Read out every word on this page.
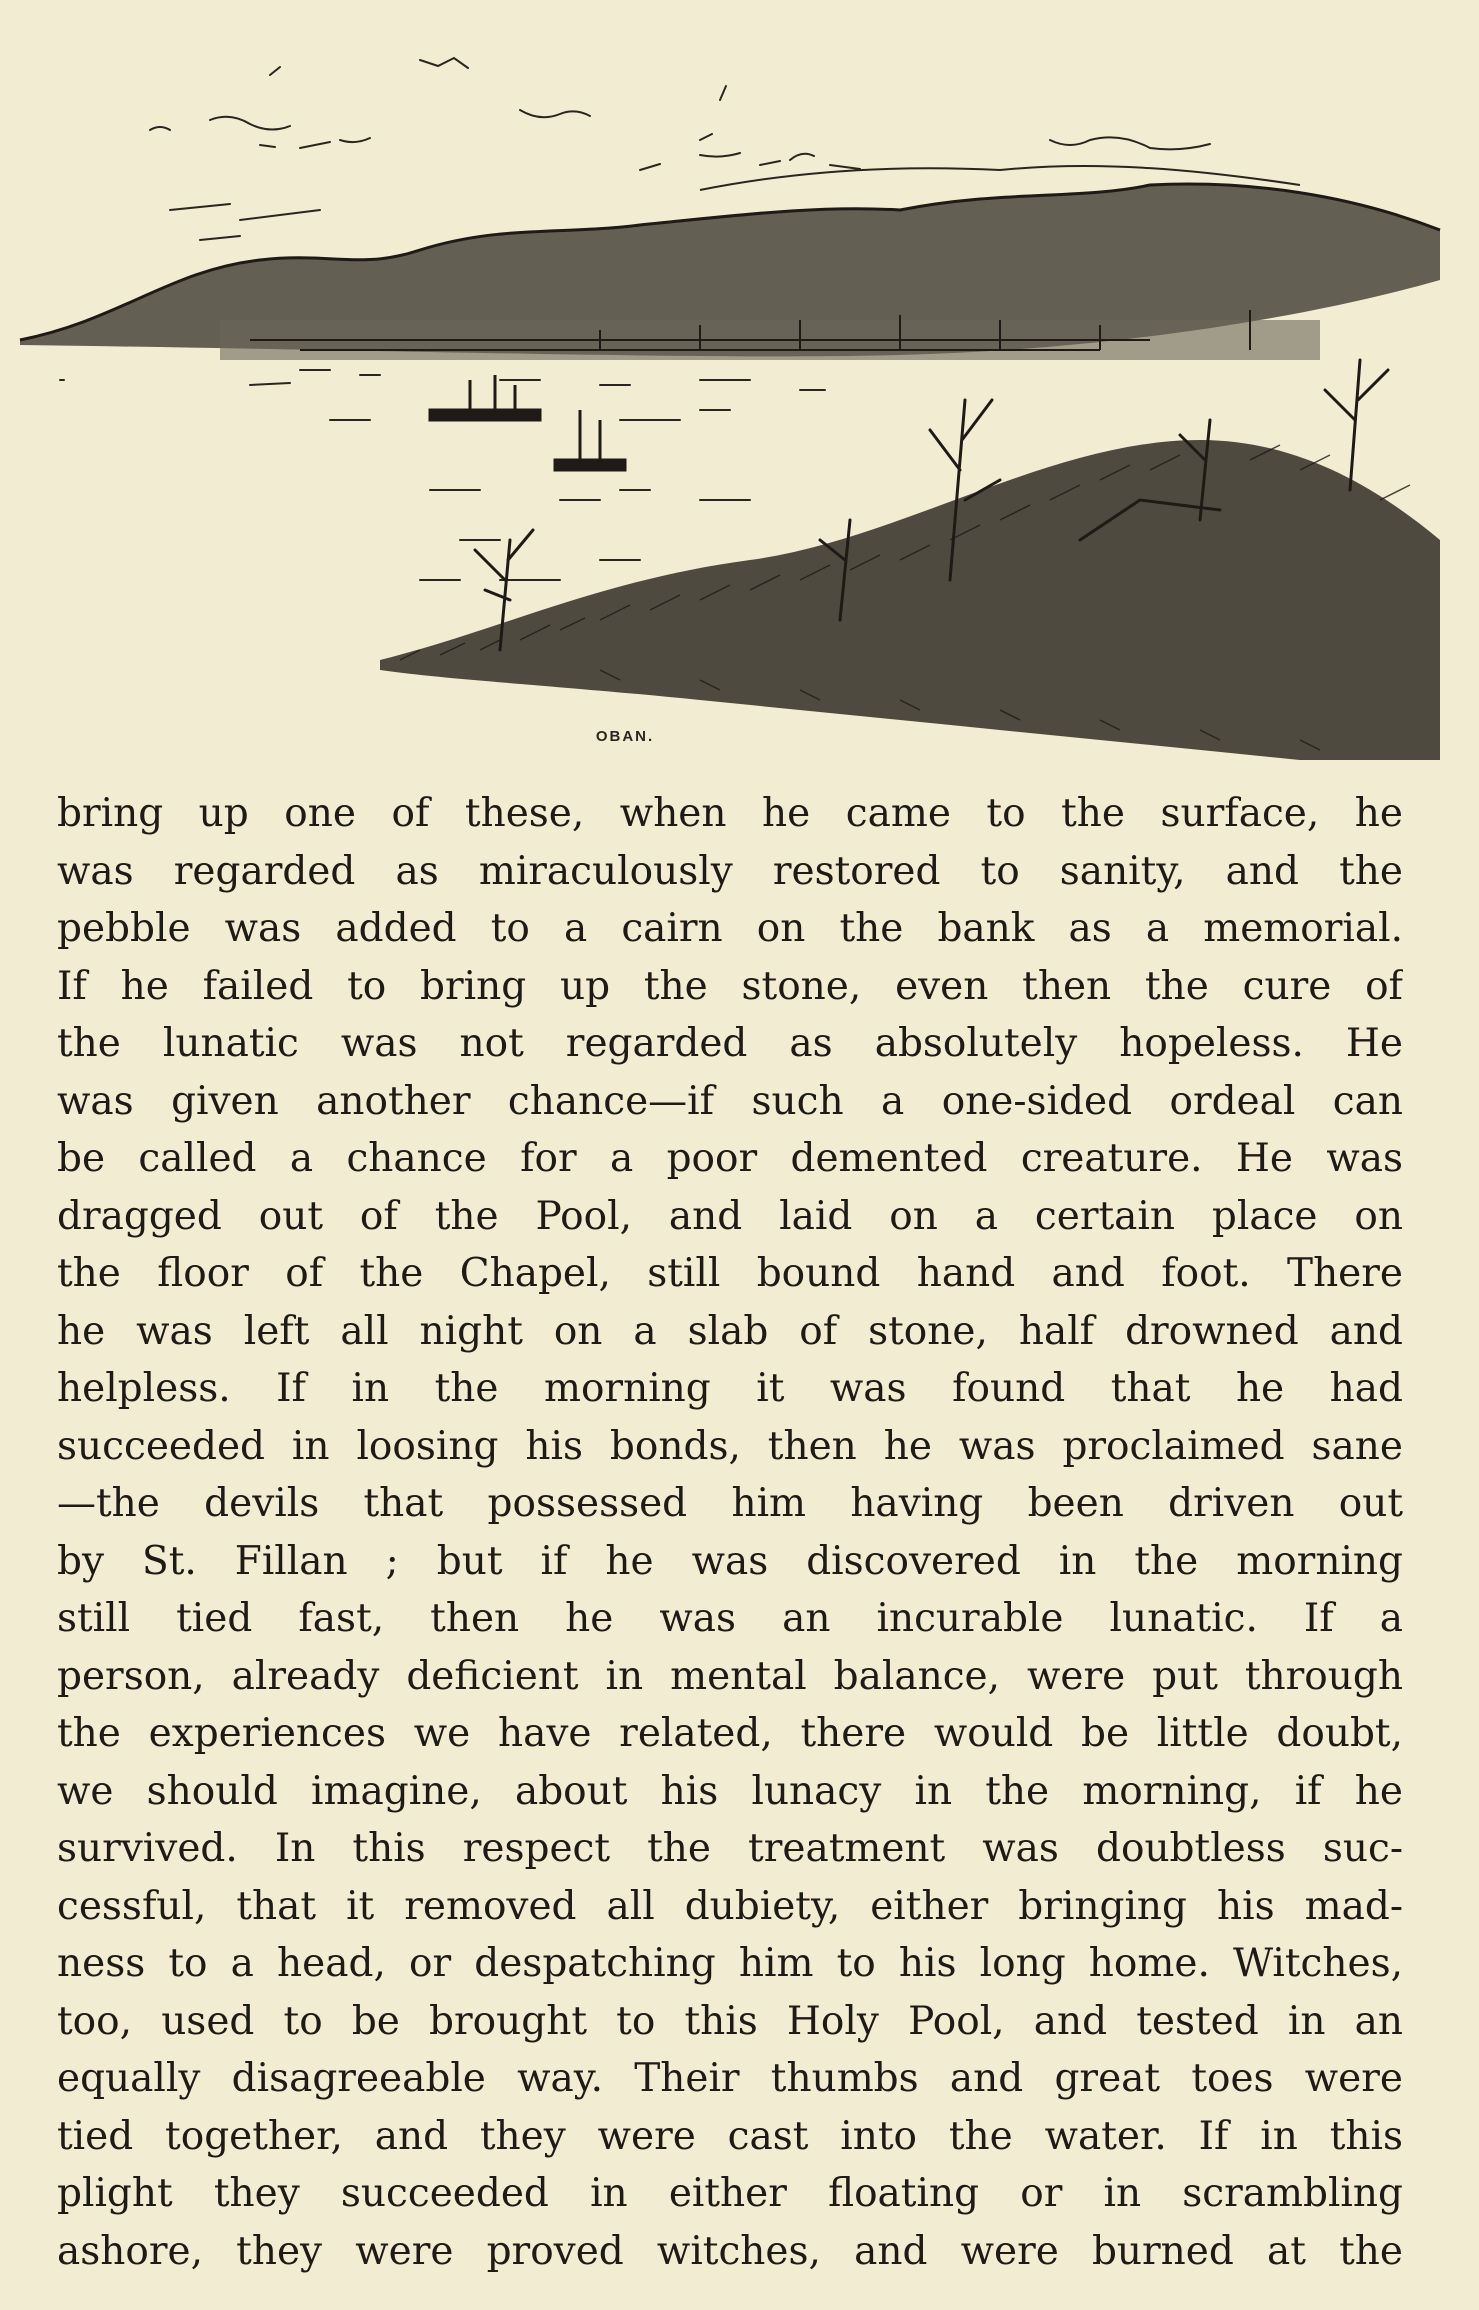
OBAN.
bring up one of these, when he came to the surface, he
was regarded as miraculously restored to sanity, and the
pebble was added to a cairn on the bank as a memorial.
If he failed to bring up the stone, even then the cure of
the lunatic was not regarded as absolutely hopeless. He
was given another chance—if such a one-sided ordeal can
be called a chance for a poor demented creature. He was
dragged out of the Pool, and laid on a certain place on
the floor of the Chapel, still bound hand and foot. There
he was left all night on a slab of stone, half drowned and
helpless. If in the morning it was found that he had
succeeded in loosing his bonds, then he was proclaimed sane
—the devils that possessed him having been driven out
by St. Fillan ; but if he was discovered in the morning
still tied fast, then he was an incurable lunatic. If a
person, already deficient in mental balance, were put through
the experiences we have related, there would be little doubt,
we should imagine, about his lunacy in the morning, if he
survived. In this respect the treatment was doubtless suc-
cessful, that it removed all dubiety, either bringing his mad-
ness to a head, or despatching him to his long home. Witches,
too, used to be brought to this Holy Pool, and tested in an
equally disagreeable way. Their thumbs and great toes were
tied together, and they were cast into the water. If in this
plight they succeeded in either floating or in scrambling
ashore, they were proved witches, and were burned at the
